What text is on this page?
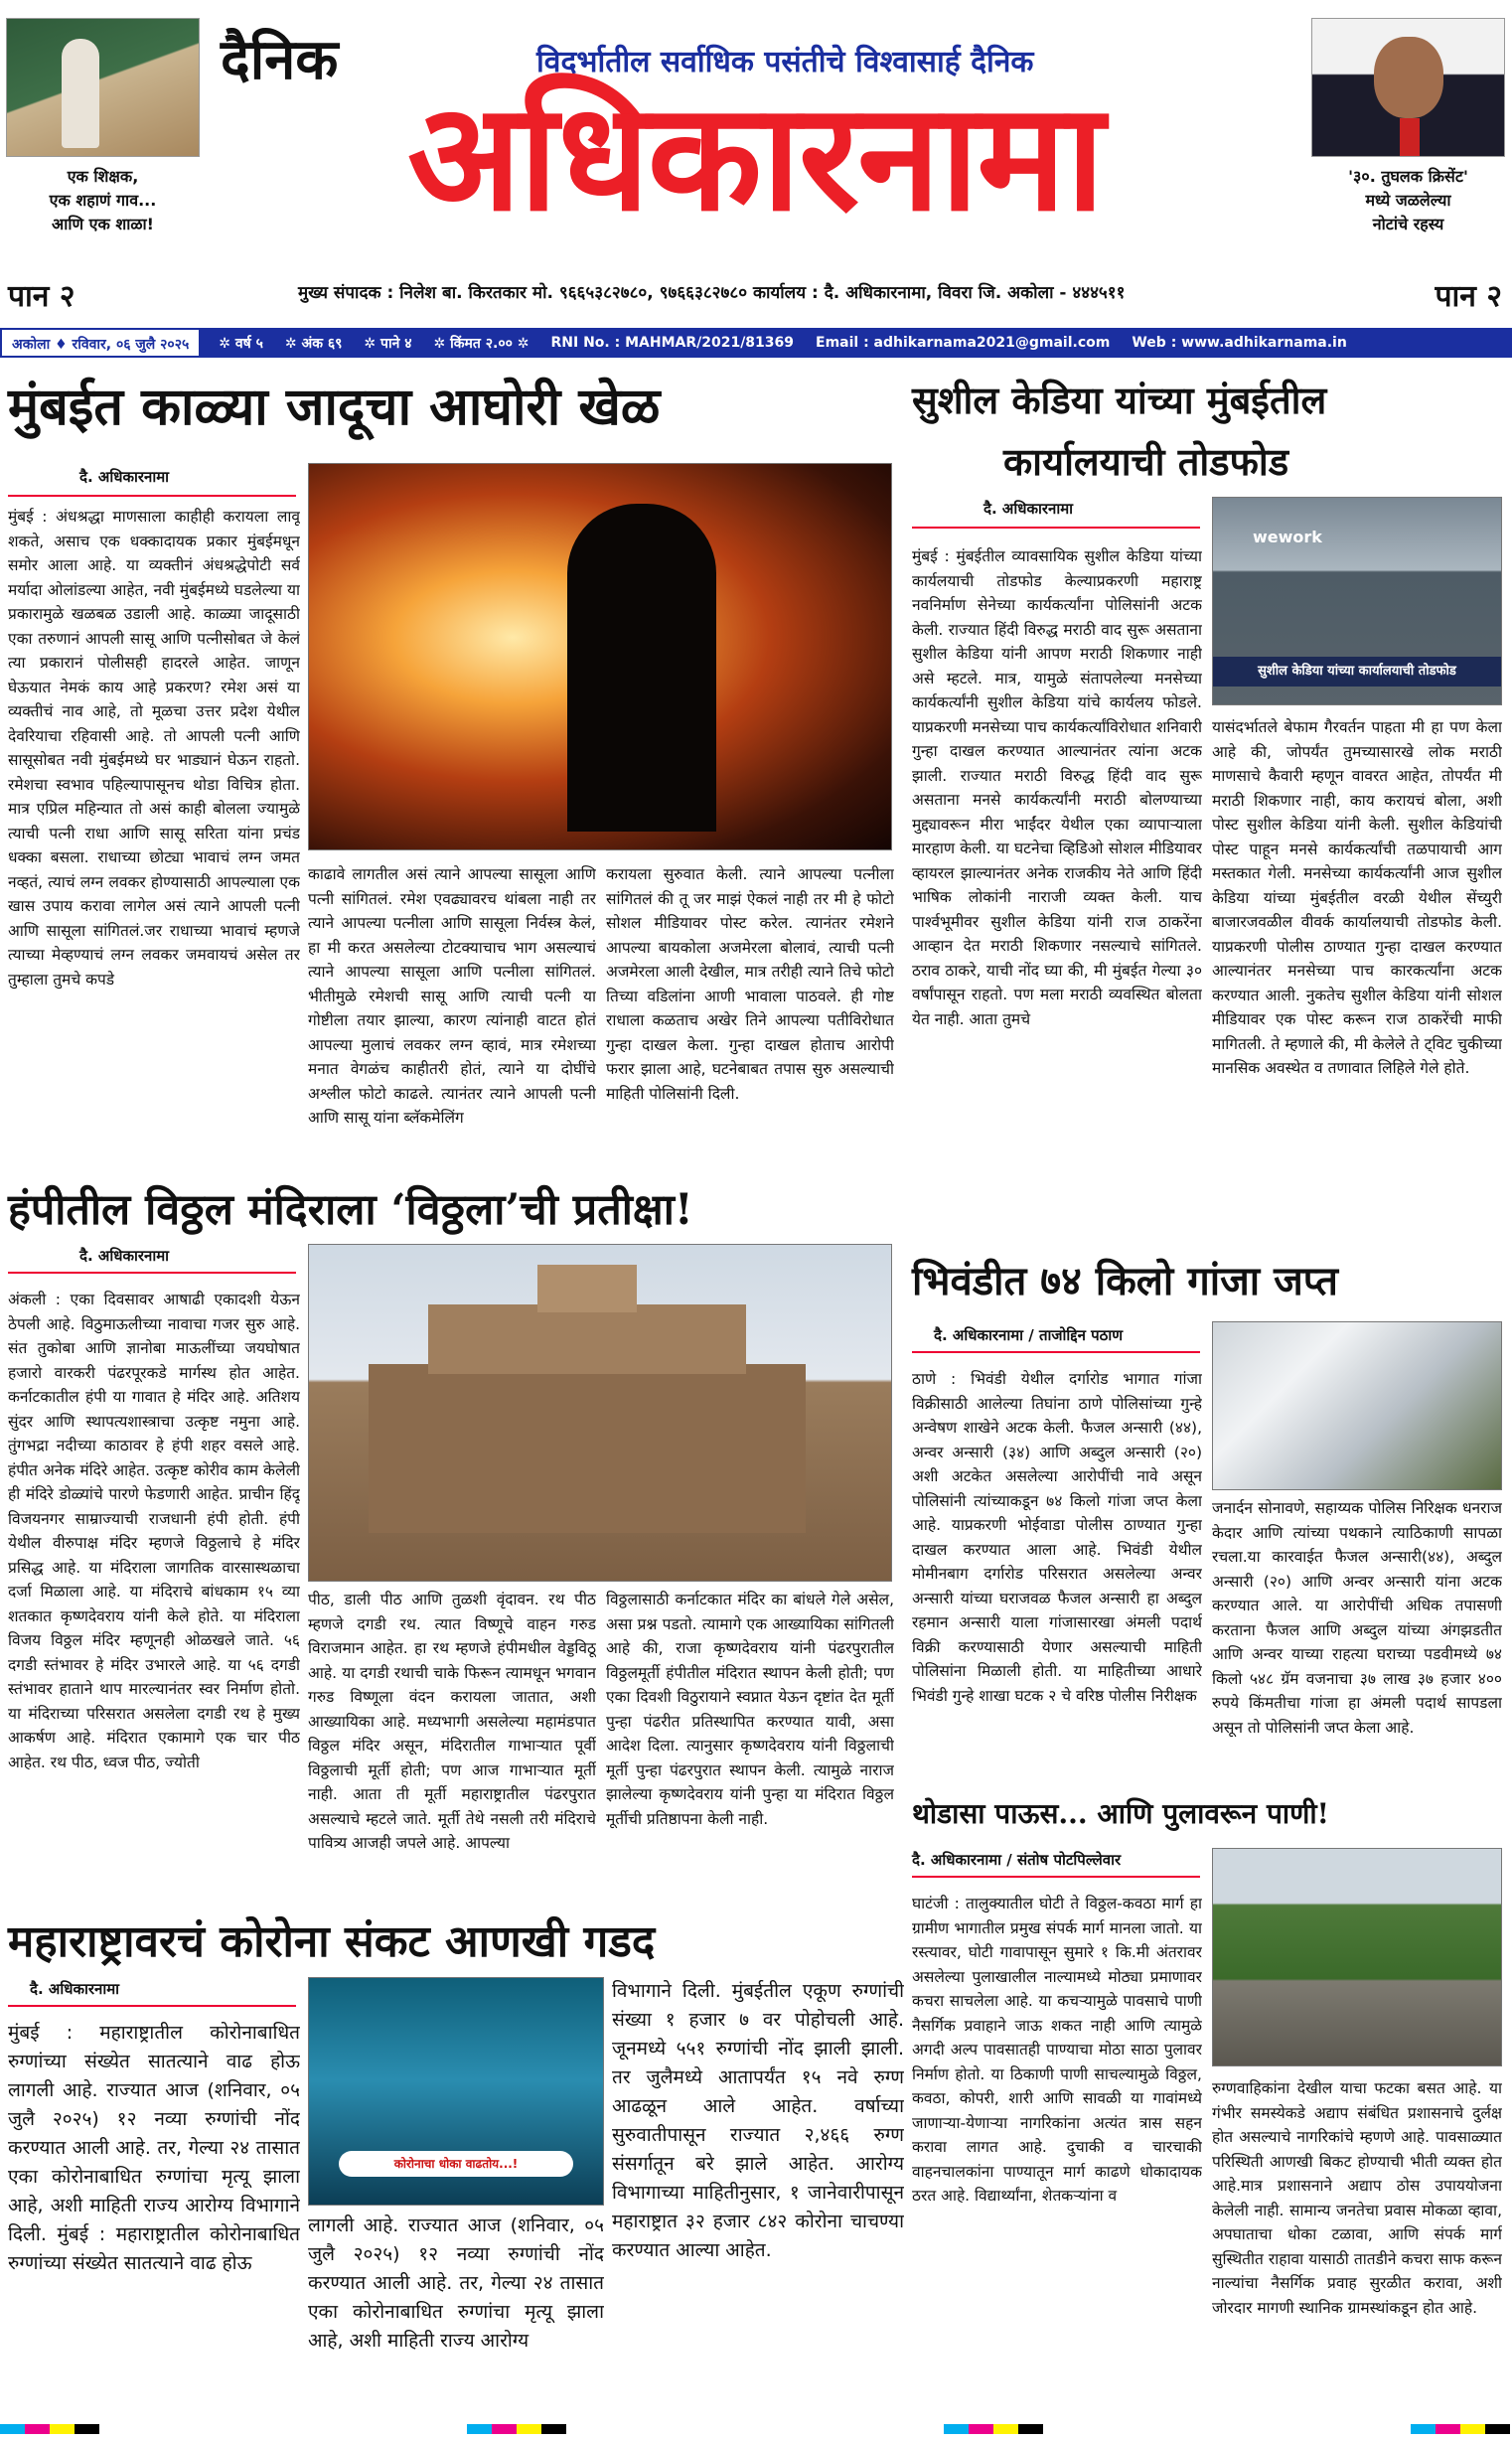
एक शिक्षक,
एक शहाणं गाव...
आणि एक शाळा!
दैनिक	विदर्भातील सर्वाधिक पसंतीचे विश्वासार्ह दैनिक
अधिकारनामा	'३०. तुघलक क्रिसेंट'
मध्ये जळलेल्या
नोटांचे रहस्य
पान २	मुख्य संपादक : निलेश बा. किरतकार मो. ९६६५३८२७८०, ९७६६३८२७८० कार्यालय : दै. अधिकारनामा, विवरा जि. अकोला - ४४४५११	पान २
अकोला ♦ रविवार, ०६ जुलै २०२५	✲ वर्ष ५ ✲ अंक ६९ ✲ पाने ४ ✲ किंमत २.०० ✲ RNI No. : MAHMAR/2021/81369 Email : adhikarnama2021@gmail.com Web : www.adhikarnama.in
मुंबईत काळ्या जादूचा आघोरी खेळ
दै. अधिकारनामा
मुंबई : अंधश्रद्धा माणसाला काहीही करायला लावू शकते, असाच एक धक्कादायक प्रकार मुंबईमधून समोर आला आहे. या व्यक्तीनं अंधश्रद्धेपोटी सर्व मर्यादा ओलांडल्या आहेत, नवी मुंबईमध्ये घडलेल्या या प्रकारामुळे खळबळ उडाली आहे. काळ्या जादूसाठी एका तरुणानं आपली सासू आणि पत्नीसोबत जे केलं त्या प्रकारानं पोलीसही हादरले आहेत. जाणून घेऊयात नेमकं काय आहे प्रकरण? रमेश असं या व्यक्तीचं नाव आहे, तो मूळचा उत्तर प्रदेश येथील देवरियाचा रहिवासी आहे. तो आपली पत्नी आणि सासूसोबत नवी मुंबईमध्ये घर भाड्यानं घेऊन राहतो. रमेशचा स्वभाव पहिल्यापासूनच थोडा विचित्र होता. मात्र एप्रिल महिन्यात तो असं काही बोलला ज्यामुळे त्याची पत्नी राधा आणि सासू सरिता यांना प्रचंड धक्का बसला. राधाच्या छोट्या भावाचं लग्न जमत नव्हतं, त्याचं लग्न लवकर होण्यासाठी आपल्याला एक खास उपाय करावा लागेल असं त्याने आपली पत्नी आणि सासूला सांगितलं.जर राधाच्या भावाचं म्हणजे त्याच्या मेव्हण्याचं लग्न लवकर जमवायचं असेल तर तुम्हाला तुमचे कपडे
काढावे लागतील असं त्याने आपल्या सासूला आणि पत्नी सांगितलं. रमेश एवढ्यावरच थांबला नाही तर त्याने आपल्या पत्नीला आणि सासूला निर्वस्त्र केलं, हा मी करत असलेल्या टोटक्याचाच भाग असल्याचं त्याने आपल्या सासूला आणि पत्नीला सांगितलं. भीतीमुळे रमेशची सासू आणि त्याची पत्नी या गोष्टीला तयार झाल्या, कारण त्यांनाही वाटत होतं आपल्या मुलाचं लवकर लग्न व्हावं, मात्र रमेशच्या मनात वेगळंच काहीतरी होतं, त्याने या दोघींचे अश्लील फोटो काढले. त्यानंतर त्याने आपली पत्नी आणि सासू यांना ब्लॅकमेलिंग
करायला सुरुवात केली. त्याने आपल्या पत्नीला सांगितलं की तू जर माझं ऐकलं नाही तर मी हे फोटो सोशल मीडियावर पोस्ट करेल. त्यानंतर रमेशने आपल्या बायकोला अजमेरला बोलावं, त्याची पत्नी अजमेरला आली देखील, मात्र तरीही त्याने तिचे फोटो तिच्या वडिलांना आणी भावाला पाठवले. ही गोष्ट राधाला कळताच अखेर तिने आपल्या पतीविरोधात गुन्हा दाखल केला. गुन्हा दाखल होताच आरोपी फरार झाला आहे, घटनेबाबत तपास सुरु असल्याची माहिती पोलिसांनी दिली.
सुशील केडिया यांच्या मुंबईतील
कार्यालयाची तोडफोड
दै. अधिकारनामा
मुंबई : मुंबईतील व्यावसायिक सुशील केडिया यांच्या कार्यलयाची तोडफोड केल्याप्रकरणी महाराष्ट्र नवनिर्माण सेनेच्या कार्यकर्त्यांना पोलिसांनी अटक केली. राज्यात हिंदी विरुद्ध मराठी वाद सुरू असताना सुशील केडिया यांनी आपण मराठी शिकणार नाही असे म्हटले. मात्र, यामुळे संतापलेल्या मनसेच्या कार्यकर्त्यांनी सुशील केडिया यांचे कार्यलय फोडले. याप्रकरणी मनसेच्या पाच कार्यकर्त्यांविरोधात शनिवारी गुन्हा दाखल करण्यात आल्यानंतर त्यांना अटक झाली. राज्यात मराठी विरुद्ध हिंदी वाद सुरू असताना मनसे कार्यकर्त्यांनी मराठी बोलण्याच्या मुद्द्यावरून मीरा भाईंदर येथील एका व्यापाऱ्याला मारहाण केली. या घटनेचा व्हिडिओ सोशल मीडियावर व्हायरल झाल्यानंतर अनेक राजकीय नेते आणि हिंदी भाषिक लोकांनी नाराजी व्यक्त केली. याच पार्श्वभूमीवर सुशील केडिया यांनी राज ठाकरेंना आव्हान देत मराठी शिकणार नसल्याचे सांगितले. ठराव ठाकरे, याची नोंद घ्या की, मी मुंबईत गेल्या ३० वर्षांपासून राहतो. पण मला मराठी व्यवस्थित बोलता येत नाही. आता तुमचे
wework
सुशील केडिया यांच्या कार्यालयाची तोडफोड
यासंदर्भातले बेफाम गैरवर्तन पाहता मी हा पण केला आहे की, जोपर्यंत तुमच्यासारखे लोक मराठी माणसाचे कैवारी म्हणून वावरत आहेत, तोपर्यंत मी मराठी शिकणार नाही, काय करायचं बोला, अशी पोस्ट सुशील केडिया यांनी केली. सुशील केडियांची पोस्ट पाहून मनसे कार्यकर्त्यांची तळपायाची आग मस्तकात गेली. मनसेच्या कार्यकर्त्यांनी आज सुशील केडिया यांच्या मुंबईतील वरळी येथील सेंच्युरी बाजारजवळील वीवर्क कार्यालयाची तोडफोड केली. याप्रकरणी पोलीस ठाण्यात गुन्हा दाखल करण्यात आल्यानंतर मनसेच्या पाच कारकर्त्यांना अटक करण्यात आली. नुकतेच सुशील केडिया यांनी सोशल मीडियावर एक पोस्ट करून राज ठाकरेंची माफी मागितली. ते म्हणाले की, मी केलेले ते ट्विट चुकीच्या मानसिक अवस्थेत व तणावात लिहिले गेले होते.
हंपीतील विठ्ठल मंदिराला ‘विठ्ठला’ची प्रतीक्षा!
दै. अधिकारनामा
अंकली : एका दिवसावर आषाढी एकादशी येऊन ठेपली आहे. विठुमाऊलीच्या नावाचा गजर सुरु आहे. संत तुकोबा आणि ज्ञानोबा माऊलींच्या जयघोषात हजारो वारकरी पंढरपूरकडे मार्गस्थ होत आहेत. कर्नाटकातील हंपी या गावात हे मंदिर आहे. अतिशय सुंदर आणि स्थापत्यशास्त्राचा उत्कृष्ट नमुना आहे. तुंगभद्रा नदीच्या काठावर हे हंपी शहर वसले आहे. हंपीत अनेक मंदिरे आहेत. उत्कृष्ट कोरीव काम केलेली ही मंदिरे डोळ्यांचे पारणे फेडणारी आहेत. प्राचीन हिंदू विजयनगर साम्राज्याची राजधानी हंपी होती. हंपी येथील वीरुपाक्ष मंदिर म्हणजे विठ्ठलाचे हे मंदिर प्रसिद्ध आहे. या मंदिराला जागतिक वारसास्थळाचा दर्जा मिळाला आहे. या मंदिराचे बांधकाम १५ व्या शतकात कृष्णदेवराय यांनी केले होते. या मंदिराला विजय विठ्ठल मंदिर म्हणूनही ओळखले जाते. ५६ दगडी स्तंभावर हे मंदिर उभारले आहे. या ५६ दगडी स्तंभावर हाताने थाप मारल्यानंतर स्वर निर्माण होतो. या मंदिराच्या परिसरात असलेला दगडी रथ हे मुख्य आकर्षण आहे. मंदिरात एकामागे एक चार पीठ आहेत. रथ पीठ, ध्वज पीठ, ज्योती
पीठ, डाली पीठ आणि तुळशी वृंदावन. रथ पीठ म्हणजे दगडी रथ. त्यात विष्णूचे वाहन गरुड विराजमान आहेत. हा रथ म्हणजे हंपीमधील वेड्डविठू आहे. या दगडी रथाची चाके फिरून त्यामधून भगवान गरुड विष्णूला वंदन करायला जातात, अशी आख्यायिका आहे. मध्यभागी असलेल्या महामंडपात विठ्ठल मंदिर असून, मंदिरातील गाभाऱ्यात पूर्वी विठ्ठलाची मूर्ती होती; पण आज गाभाऱ्यात मूर्ती नाही. आता ती मूर्ती महाराष्ट्रातील पंढरपुरात असल्याचे म्हटले जाते. मूर्ती तेथे नसली तरी मंदिराचे पावित्र्य आजही जपले आहे. आपल्या
विठ्ठलासाठी कर्नाटकात मंदिर का बांधले गेले असेल, असा प्रश्न पडतो. त्यामागे एक आख्यायिका सांगितली आहे की, राजा कृष्णदेवराय यांनी पंढरपुरातील विठ्ठलमूर्ती हंपीतील मंदिरात स्थापन केली होती; पण एका दिवशी विठुरायाने स्वप्नात येऊन दृष्टांत देत मूर्ती पुन्हा पंढरीत प्रतिस्थापित करण्यात यावी, असा आदेश दिला. त्यानुसार कृष्णदेवराय यांनी विठ्ठलाची मूर्ती पुन्हा पंढरपुरात स्थापन केली. त्यामुळे नाराज झालेल्या कृष्णदेवराय यांनी पुन्हा या मंदिरात विठ्ठल मूर्तीची प्रतिष्ठापना केली नाही.
भिवंडीत ७४ किलो गांजा जप्त
दै. अधिकारनामा / ताजोद्दिन पठाण
ठाणे : भिवंडी येथील दर्गारोड भागात गांजा विक्रीसाठी आलेल्या तिघांना ठाणे पोलिसांच्या गुन्हे अन्वेषण शाखेने अटक केली. फैजल अन्सारी (४४), अन्वर अन्सारी (३४) आणि अब्दुल अन्सारी (२०) अशी अटकेत असलेल्या आरोपींची नावे असून पोलिसांनी त्यांच्याकडून ७४ किलो गांजा जप्त केला आहे. याप्रकरणी भोईवाडा पोलीस ठाण्यात गुन्हा दाखल करण्यात आला आहे. भिवंडी येथील मोमीनबाग दर्गारोड परिसरात असलेल्या अन्वर अन्सारी यांच्या घराजवळ फैजल अन्सारी हा अब्दुल रहमान अन्सारी याला गांजासारखा अंमली पदार्थ विक्री करण्यासाठी येणार असल्याची माहिती पोलिसांना मिळाली होती. या माहितीच्या आधारे भिवंडी गुन्हे शाखा घटक २ चे वरिष्ठ पोलीस निरीक्षक
जनार्दन सोनावणे, सहाय्यक पोलिस निरिक्षक धनराज केदार आणि त्यांच्या पथकाने त्याठिकाणी सापळा रचला.या कारवाईत फैजल अन्सारी(४४), अब्दुल अन्सारी (२०) आणि अन्वर अन्सारी यांना अटक करण्यात आले. या आरोपींची अधिक तपासणी करताना फैजल आणि अब्दुल यांच्या अंगझडतीत आणि अन्वर याच्या राहत्या घराच्या पडवीमध्ये ७४ किलो ५४८ ग्रॅम वजनाचा ३७ लाख ३७ हजार ४०० रुपये किंमतीचा गांजा हा अंमली पदार्थ सापडला असून तो पोलिसांनी जप्त केला आहे.
थोडासा पाऊस... आणि पुलावरून पाणी!
दै. अधिकारनामा / संतोष पोटपिल्लेवार
घाटंजी : तालुक्यातील घोटी ते विठ्ठल-कवठा मार्ग हा ग्रामीण भागातील प्रमुख संपर्क मार्ग मानला जातो. या रस्त्यावर, घोटी गावापासून सुमारे १ कि.मी अंतरावर असलेल्या पुलाखालील नाल्यामध्ये मोठ्या प्रमाणावर कचरा साचलेला आहे. या कचऱ्यामुळे पावसाचे पाणी नैसर्गिक प्रवाहाने जाऊ शकत नाही आणि त्यामुळे अगदी अल्प पावसातही पाण्याचा मोठा साठा पुलावर निर्माण होतो. या ठिकाणी पाणी साचल्यामुळे विठ्ठल, कवठा, कोपरी, शारी आणि सावळी या गावांमध्ये जाणाऱ्या-येणाऱ्या नागरिकांना अत्यंत त्रास सहन करावा लागत आहे. दुचाकी व चारचाकी वाहनचालकांना पाण्यातून मार्ग काढणे धोकादायक ठरत आहे. विद्यार्थ्यांना, शेतकऱ्यांना व
रुग्णवाहिकांना देखील याचा फटका बसत आहे. या गंभीर समस्येकडे अद्याप संबंधित प्रशासनाचे दुर्लक्ष होत असल्याचे नागरिकांचे म्हणणे आहे. पावसाळ्यात परिस्थिती आणखी बिकट होण्याची भीती व्यक्त होत आहे.मात्र प्रशासनाने अद्याप ठोस उपाययोजना केलेली नाही. सामान्य जनतेचा प्रवास मोकळा व्हावा, अपघाताचा धोका टळावा, आणि संपर्क मार्ग सुस्थितीत राहावा यासाठी तातडीने कचरा साफ करून नाल्यांचा नैसर्गिक प्रवाह सुरळीत करावा, अशी जोरदार मागणी स्थानिक ग्रामस्थांकडून होत आहे.
महाराष्ट्रावरचं कोरोना संकट आणखी गडद
दै. अधिकारनामा
मुंबई : महाराष्ट्रातील कोरोनाबाधित रुग्णांच्या संख्येत सातत्याने वाढ होऊ लागली आहे. राज्यात आज (शनिवार, ०५ जुलै २०२५) १२ नव्या रुग्णांची नोंद करण्यात आली आहे. तर, गेल्या २४ तासात एका कोरोनाबाधित रुग्णांचा मृत्यू झाला आहे, अशी माहिती राज्य आरोग्य विभागाने दिली. मुंबई : महाराष्ट्रातील कोरोनाबाधित रुग्णांच्या संख्येत सातत्याने वाढ होऊ
कोरोनाचा धोका वाढतोय...!
लागली आहे. राज्यात आज (शनिवार, ०५ जुलै २०२५) १२ नव्या रुग्णांची नोंद करण्यात आली आहे. तर, गेल्या २४ तासात एका कोरोनाबाधित रुग्णांचा मृत्यू झाला आहे, अशी माहिती राज्य आरोग्य
विभागाने दिली. मुंबईतील एकूण रुग्णांची संख्या १ हजार ७ वर पोहोचली आहे. जूनमध्ये ५५१ रुग्णांची नोंद झाली झाली. तर जुलैमध्ये आतापर्यंत १५ नवे रुग्ण आढळून आले आहेत. वर्षाच्या सुरुवातीपासून राज्यात २,४६६ रुग्ण संसर्गातून बरे झाले आहेत. आरोग्य विभागाच्या माहितीनुसार, १ जानेवारीपासून महाराष्ट्रात ३२ हजार ८४२ कोरोना चाचण्या करण्यात आल्या आहेत.
